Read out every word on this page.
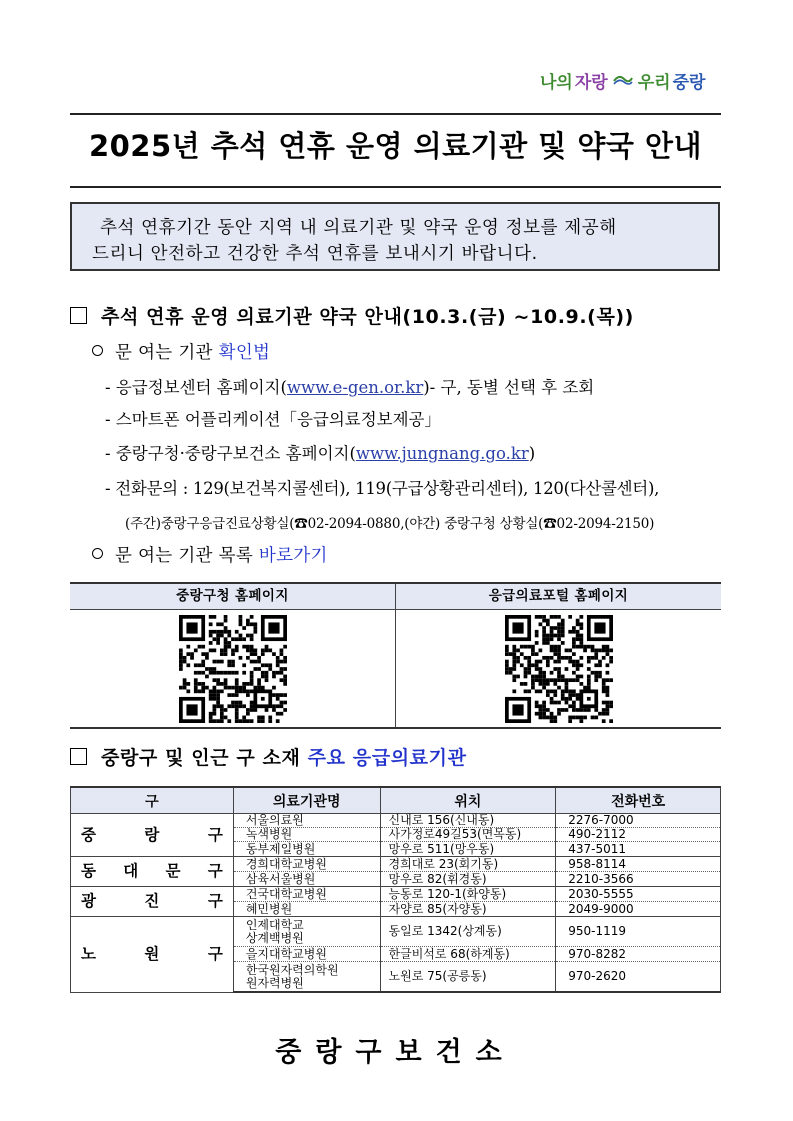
나의 자랑 우리 중랑
2025년 추석 연휴 운영 의료기관 및 약국 안내

추석 연휴기간 동안 지역 내 의료기관 및 약국 운영 정보를 제공해

드리니 안전하고 건강한 추석 연휴를 보내시기 바랍니다.

추석 연휴 운영 의료기관 약국 안내(10.3.(금) ~10.9.(목))
문 여는 기관 확인법
- 응급정보센터 홈페이지(www.e-gen.or.kr)- 구, 동별 선택 후 조회
- 스마트폰 어플리케이션「응급의료정보제공」
- 중랑구청·중랑구보건소 홈페이지(www.jungnang.go.kr)
- 전화문의 : 129(보건복지콜센터), 119(구급상황관리센터), 120(다산콜센터),
(주간)중랑구응급진료상황실(☎02-2094-0880,(야간) 중랑구청 상황실(☎02-2094-2150)
문 여는 기관 목록 바로가기
중랑구청 홈페이지	응급의료포털 홈페이지
중랑구 및 인근 구 소재 주요 응급의료기관
구	의료기관명	위치	전화번호

중 랑 구	서울의료원	신내로 156(신내동)	2276-7000
	녹색병원	사가정로49길53(면목동)	490-2112
	동부제일병원	망우로 511(망우동)	437-5011

동 대 문 구	경희대학교병원	경희대로 23(회기동)	958-8114
	삼육서울병원	망우로 82(휘경동)	2210-3566

광 진 구	건국대학교병원	능동로 120-1(화양동)	2030-5555
	혜민병원	자양로 85(자양동)	2049-9000

노 원 구	인제대학교
상계백병원	동일로 1342(상계동)	950-1119
	을지대학교병원	한글비석로 68(하계동)	970-8282
	한국원자력의학원
원자력병원	노원로 75(공릉동)	970-2620
중랑구보건소
